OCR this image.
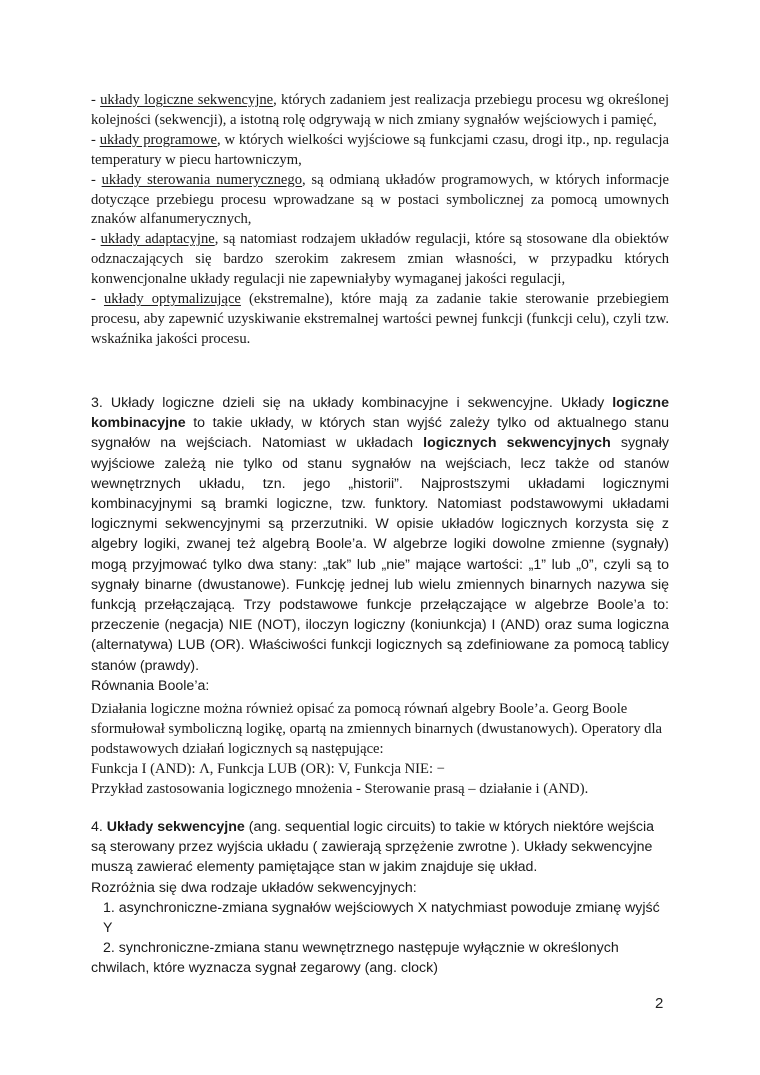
- układy logiczne sekwencyjne, których zadaniem jest realizacja przebiegu procesu wg określonej kolejności (sekwencji), a istotną rolę odgrywają w nich zmiany sygnałów wejściowych i pamięć,

- układy programowe, w których wielkości wyjściowe są funkcjami czasu, drogi itp., np. regulacja temperatury w piecu hartowniczym,

- układy sterowania numerycznego, są odmianą układów programowych, w których informacje dotyczące przebiegu procesu wprowadzane są w postaci symbolicznej za pomocą umownych znaków alfanumerycznych,

- układy adaptacyjne, są natomiast rodzajem układów regulacji, które są stosowane dla obiektów odznaczających się bardzo szerokim zakresem zmian własności, w przypadku których konwencjonalne układy regulacji nie zapewniałyby wymaganej jakości regulacji,

- układy optymalizujące (ekstremalne), które mają za zadanie takie sterowanie przebiegiem procesu, aby zapewnić uzyskiwanie ekstremalnej wartości pewnej funkcji (funkcji celu), czyli tzw. wskaźnika jakości procesu.

3. Układy logiczne dzieli się na układy kombinacyjne i sekwencyjne. Układy logiczne kombinacyjne to takie układy, w których stan wyjść zależy tylko od aktualnego stanu sygnałów na wejściach. Natomiast w układach logicznych sekwencyjnych sygnały wyjściowe zależą nie tylko od stanu sygnałów na wejściach, lecz także od stanów wewnętrznych układu, tzn. jego „historii”. Najprostszymi układami logicznymi kombinacyjnymi są bramki logiczne, tzw. funktory. Natomiast podstawowymi układami logicznymi sekwencyjnymi są przerzutniki. W opisie układów logicznych korzysta się z algebry logiki, zwanej też algebrą Boole’a. W algebrze logiki dowolne zmienne (sygnały) mogą przyjmować tylko dwa stany: „tak” lub „nie” mające wartości: „1” lub „0”, czyli są to sygnały binarne (dwustanowe). Funkcję jednej lub wielu zmiennych binarnych nazywa się funkcją przełączającą. Trzy podstawowe funkcje przełączające w algebrze Boole’a to: przeczenie (negacja) NIE (NOT), iloczyn logiczny (koniunkcja) I (AND) oraz suma logiczna (alternatywa) LUB (OR). Właściwości funkcji logicznych są zdefiniowane za pomocą tablicy stanów (prawdy).

Równania Boole’a:

Działania logiczne można również opisać za pomocą równań algebry Boole’a. Georg Boole sformułował symboliczną logikę, opartą na zmiennych binarnych (dwustanowych). Operatory dla podstawowych działań logicznych są następujące:

Funkcja I (AND): Λ, Funkcja LUB (OR): V, Funkcja NIE: −

Przykład zastosowania logicznego mnożenia - Sterowanie prasą – działanie i (AND).

4. Układy sekwencyjne (ang. sequential logic circuits) to takie w których niektóre wejścia są sterowany przez wyjścia układu ( zawierają sprzężenie zwrotne ). Układy sekwencyjne muszą zawierać elementy pamiętające stan w jakim znajduje się układ.

Rozróżnia się dwa rodzaje układów sekwencyjnych:

1. asynchroniczne-zmiana sygnałów wejściowych X natychmiast powoduje zmianę wyjść Y
2. synchroniczne-zmiana stanu wewnętrznego następuje wyłącznie w określonych chwilach, które wyznacza sygnał zegarowy (ang. clock)
2
